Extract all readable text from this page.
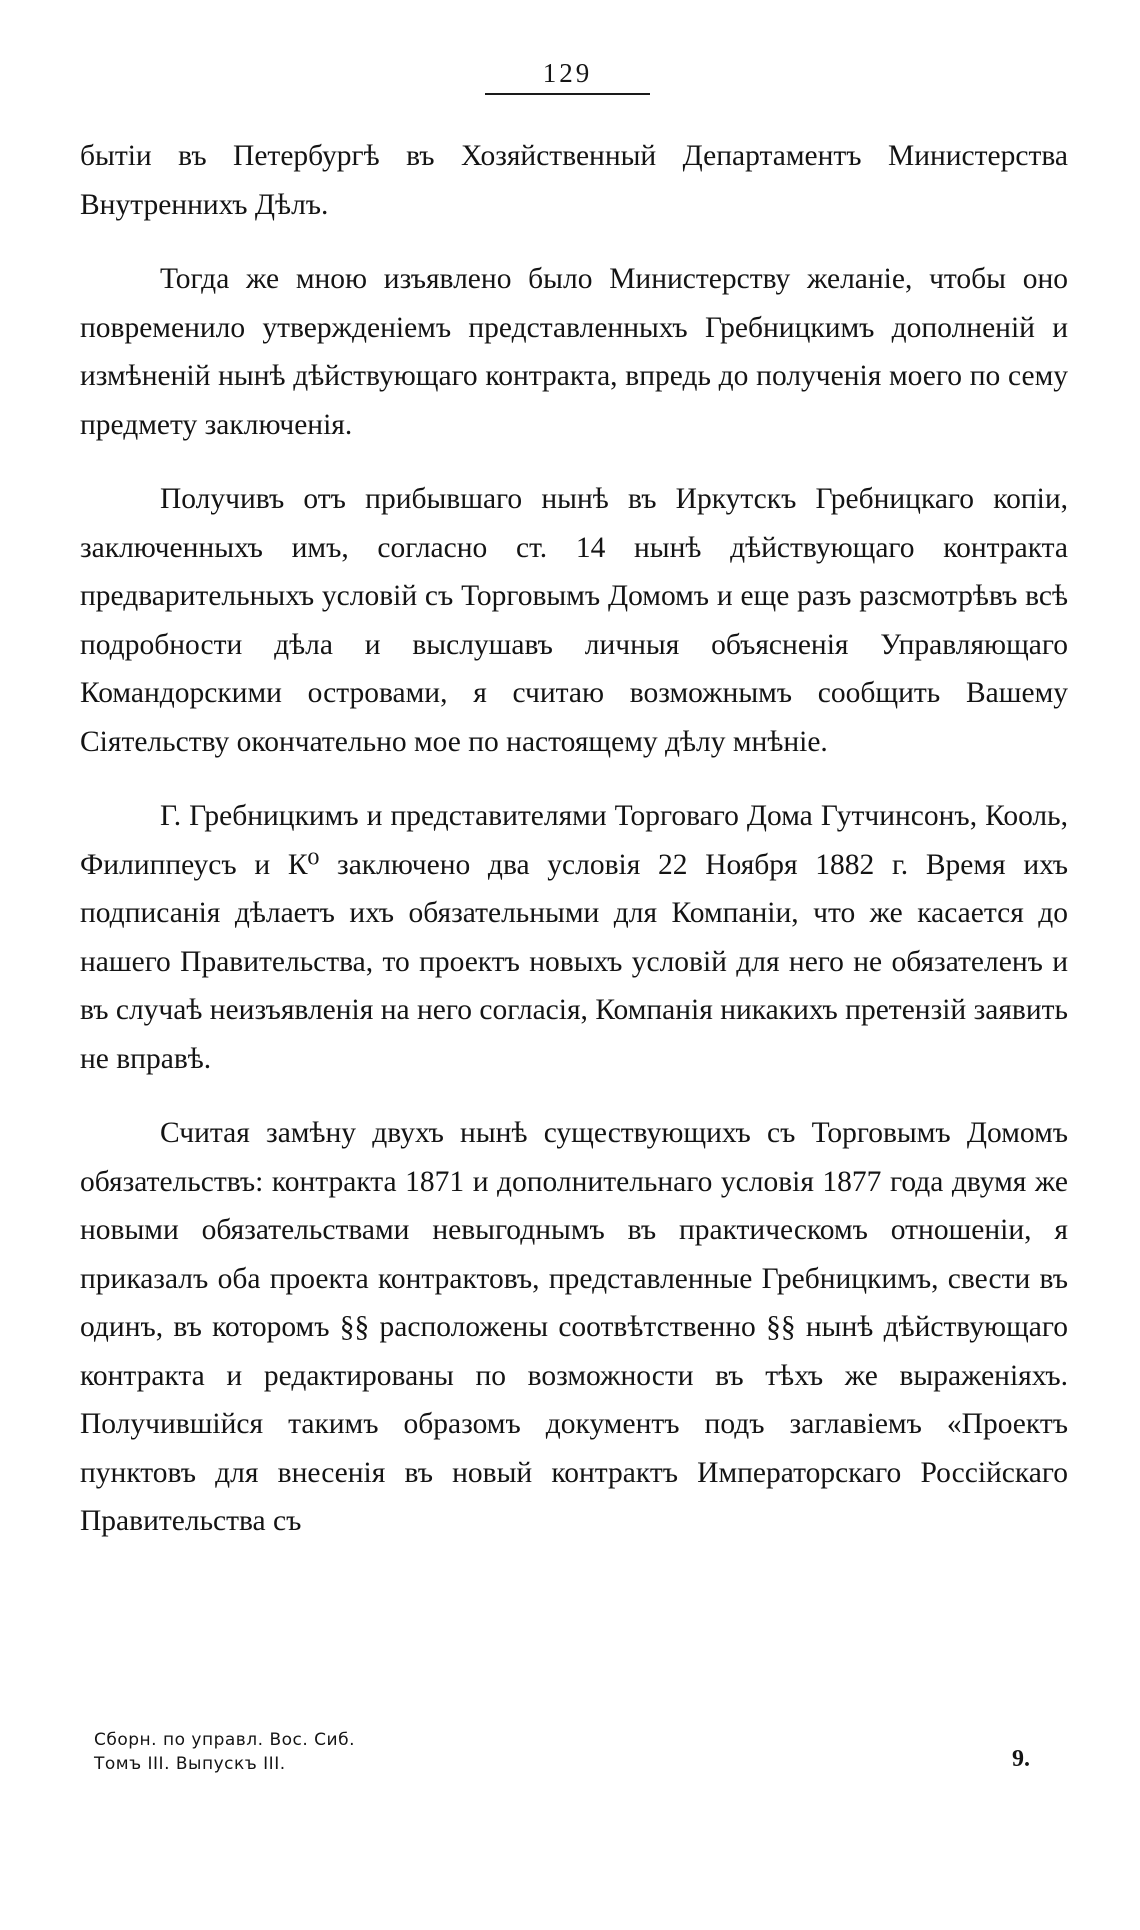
129

бытіи въ Петербургѣ въ Хозяйственный Департаментъ Министерства Внутреннихъ Дѣлъ.

Тогда же мною изъявлено было Министерству желаніе, чтобы оно повременило утвержденіемъ представленныхъ Гребницкимъ дополненій и измѣненій нынѣ дѣйствующаго контракта, впредь до полученія моего по сему предмету заключенія.

Получивъ отъ прибывшаго нынѣ въ Иркутскъ Гребницкаго копіи, заключенныхъ имъ, согласно ст. 14 нынѣ дѣйствующаго контракта предварительныхъ условій съ Торговымъ Домомъ и еще разъ разсмотрѣвъ всѣ подробности дѣла и выслушавъ личныя объясненія Управляющаго Командорскими островами, я считаю возможнымъ сообщить Вашему Сіятельству окончательно мое по настоящему дѣлу мнѣніе.

Г. Гребницкимъ и представителями Торговаго Дома Гутчинсонъ, Кооль, Филиппеусъ и К⁰ заключено два условія 22 Ноября 1882 г. Время ихъ подписанія дѣлаетъ ихъ обязательными для Компаніи, что же касается до нашего Правительства, то проектъ новыхъ условій для него не обязателенъ и въ случаѣ неизъявленія на него согласія, Компанія никакихъ претензій заявить не вправѣ.

Считая замѣну двухъ нынѣ существующихъ съ Торговымъ Домомъ обязательствъ: контракта 1871 и дополнительнаго условія 1877 года двумя же новыми обязательствами невыгоднымъ въ практическомъ отношеніи, я приказалъ оба проекта контрактовъ, представленные Гребницкимъ, свести въ одинъ, въ которомъ §§ расположены соотвѣтственно §§ нынѣ дѣйствующаго контракта и редактированы по возможности въ тѣхъ же выраженіяхъ. Получившійся такимъ образомъ документъ подъ заглавіемъ «Проектъ пунктовъ для внесенія въ новый контрактъ Императорскаго Россійскаго Правительства съ

Сборн. по управл. Вос. Сиб.
Томъ III. Выпускъ III.	9.
